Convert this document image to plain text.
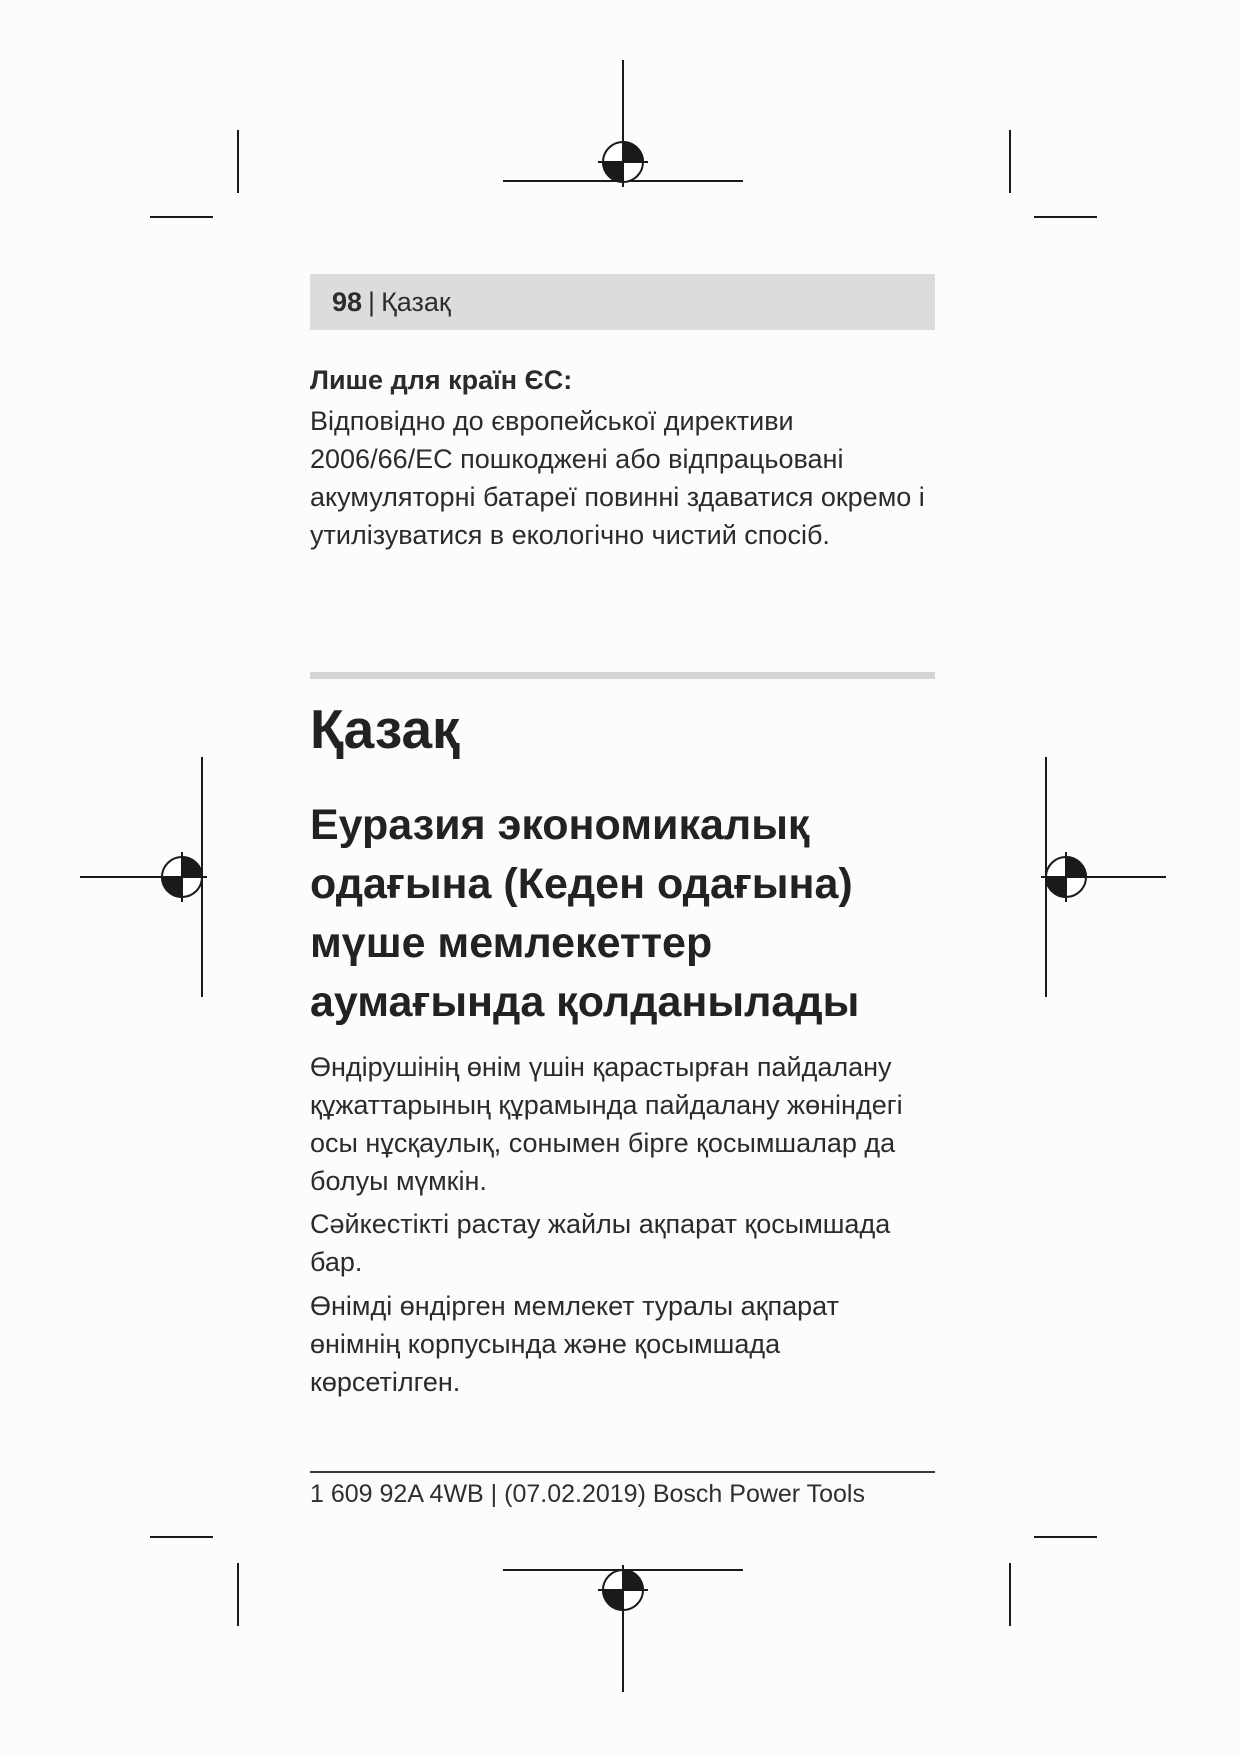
98 | Қазақ
Лише для країн ЄС:
Відповідно до європейської директиви 2006/66/EC пошкоджені або відпрацьовані акумуляторні батареї повинні здаватися окремо і утилізуватися в екологічно чистий спосіб.
Қазақ
Еуразия экономикалық одағына (Кеден одағына) мүше мемлекеттер аумағында қолданылады
Өндірушінің өнім үшін қарастырған пайдалану құжаттарының құрамында пайдалану жөніндегі осы нұсқаулық, сонымен бірге қосымшалар да болуы мүмкін.
Сәйкестікті растау жайлы ақпарат қосымшада бар.
Өнімді өндірген мемлекет туралы ақпарат өнімнің корпусында және қосымшада көрсетілген.
1 609 92A 4WB | (07.02.2019) Bosch Power Tools
